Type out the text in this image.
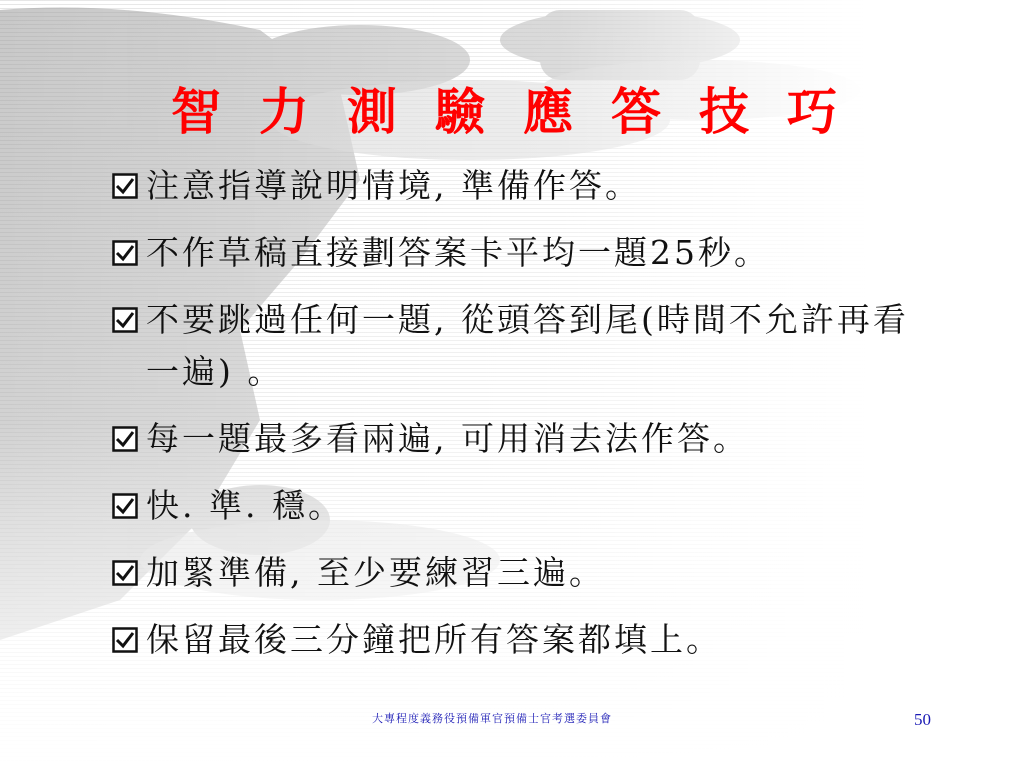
智力測驗應答技巧
注意指導說明情境, 準備作答。
不作草稿直接劃答案卡平均一題25秒。
不要跳過任何一題, 從頭答到尾(時間不允許再看一遍) 。
每一題最多看兩遍, 可用消去法作答。
快. 準. 穩。
加緊準備, 至少要練習三遍。
保留最後三分鐘把所有答案都填上。
大專程度義務役預備軍官預備士官考選委員會	50
